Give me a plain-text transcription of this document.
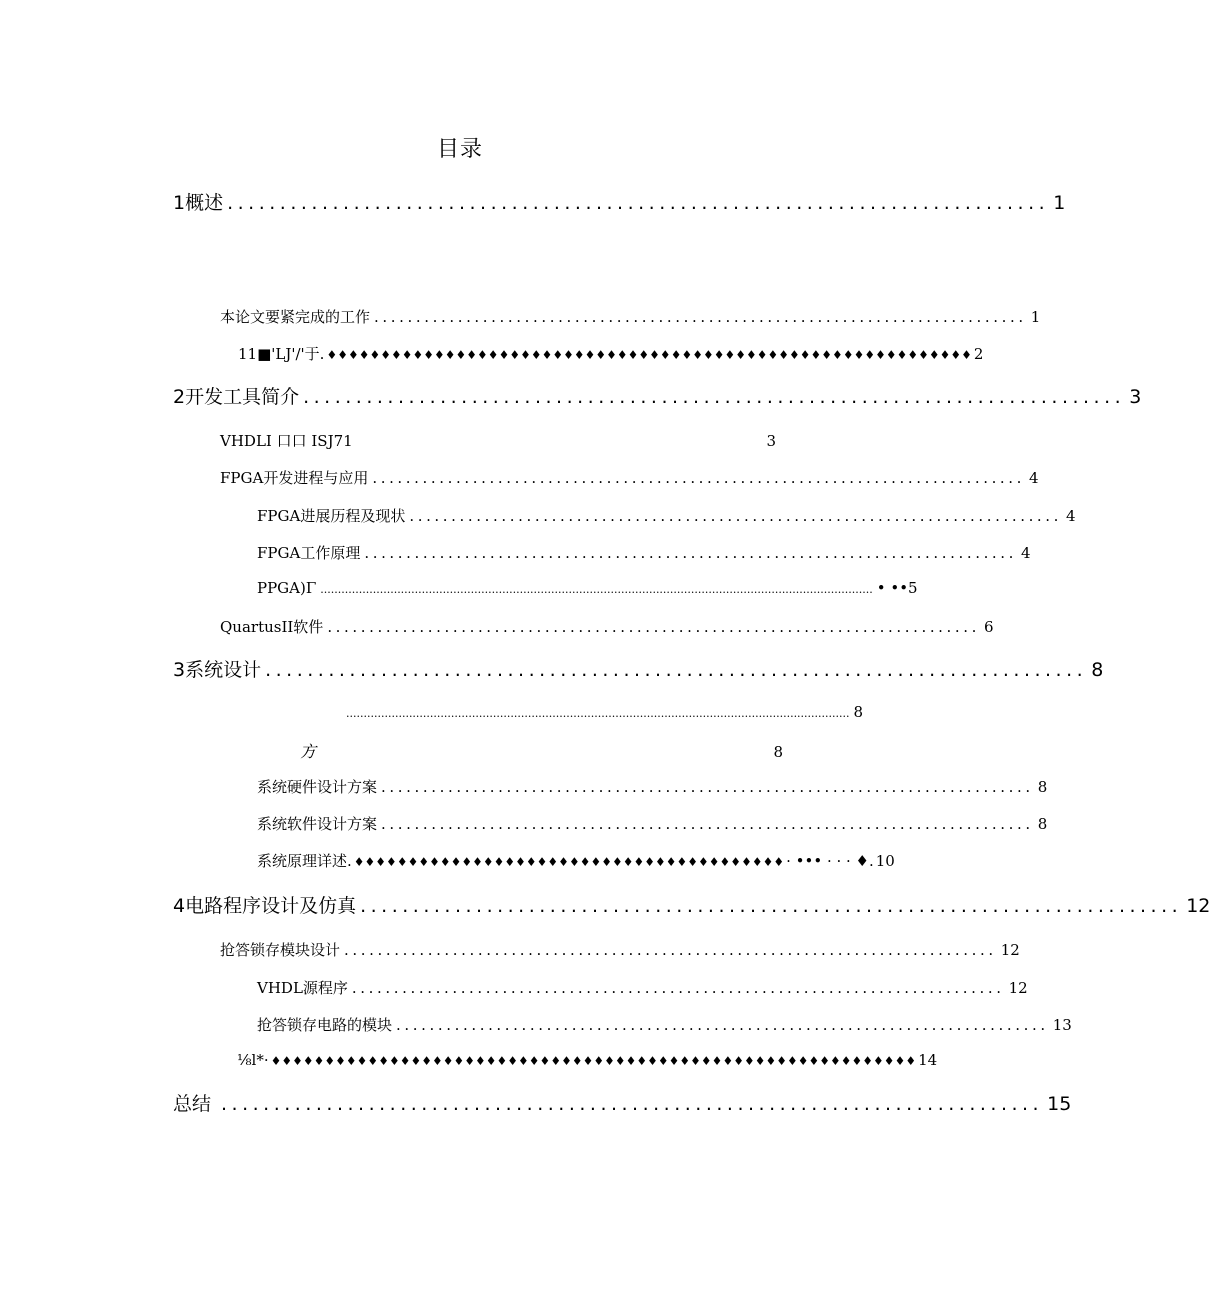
目录
1概述 .............................................................................. 1
本论文要紧完成的工作 .............................................................................. 1
11■'LJ'/'于. ♦♦♦♦♦♦♦♦♦♦♦♦♦♦♦♦♦♦♦♦♦♦♦♦♦♦♦♦♦♦♦♦♦♦♦♦♦♦♦♦♦♦♦♦♦♦♦♦♦♦♦♦♦♦♦♦♦♦♦♦ 2
2开发工具简介 .............................................................................. 3
VHDLI 口口 ISJ71	3
FPGA开发进程与应用 .............................................................................. 4
FPGA进展历程及现状 .............................................................................. 4
FPGA工作原理 .............................................................................. 4
PPGA)Γ .............................................................................................................................................................. • •• 5
QuartusII软件 .............................................................................. 6
3系统设计 .............................................................................. 8
................................................................................................................................................ 8
方	8
系统硬件设计方案 .............................................................................. 8
系统软件设计方案 .............................................................................. 8
系统原理详述. ♦♦♦♦♦♦♦♦♦♦♦♦♦♦♦♦♦♦♦♦♦♦♦♦♦♦♦♦♦♦♦♦♦♦♦♦♦♦♦♦ · ••• · · · ♦. 10
4电路程序设计及仿真 .............................................................................. 12
抢答锁存模块设计 .............................................................................. 12
VHDL源程序 .............................................................................. 12
抢答锁存电路的模块 .............................................................................. 13
⅛l*· ♦♦♦♦♦♦♦♦♦♦♦♦♦♦♦♦♦♦♦♦♦♦♦♦♦♦♦♦♦♦♦♦♦♦♦♦♦♦♦♦♦♦♦♦♦♦♦♦♦♦♦♦♦♦♦♦♦♦♦♦ 14
总结 .............................................................................. 15
